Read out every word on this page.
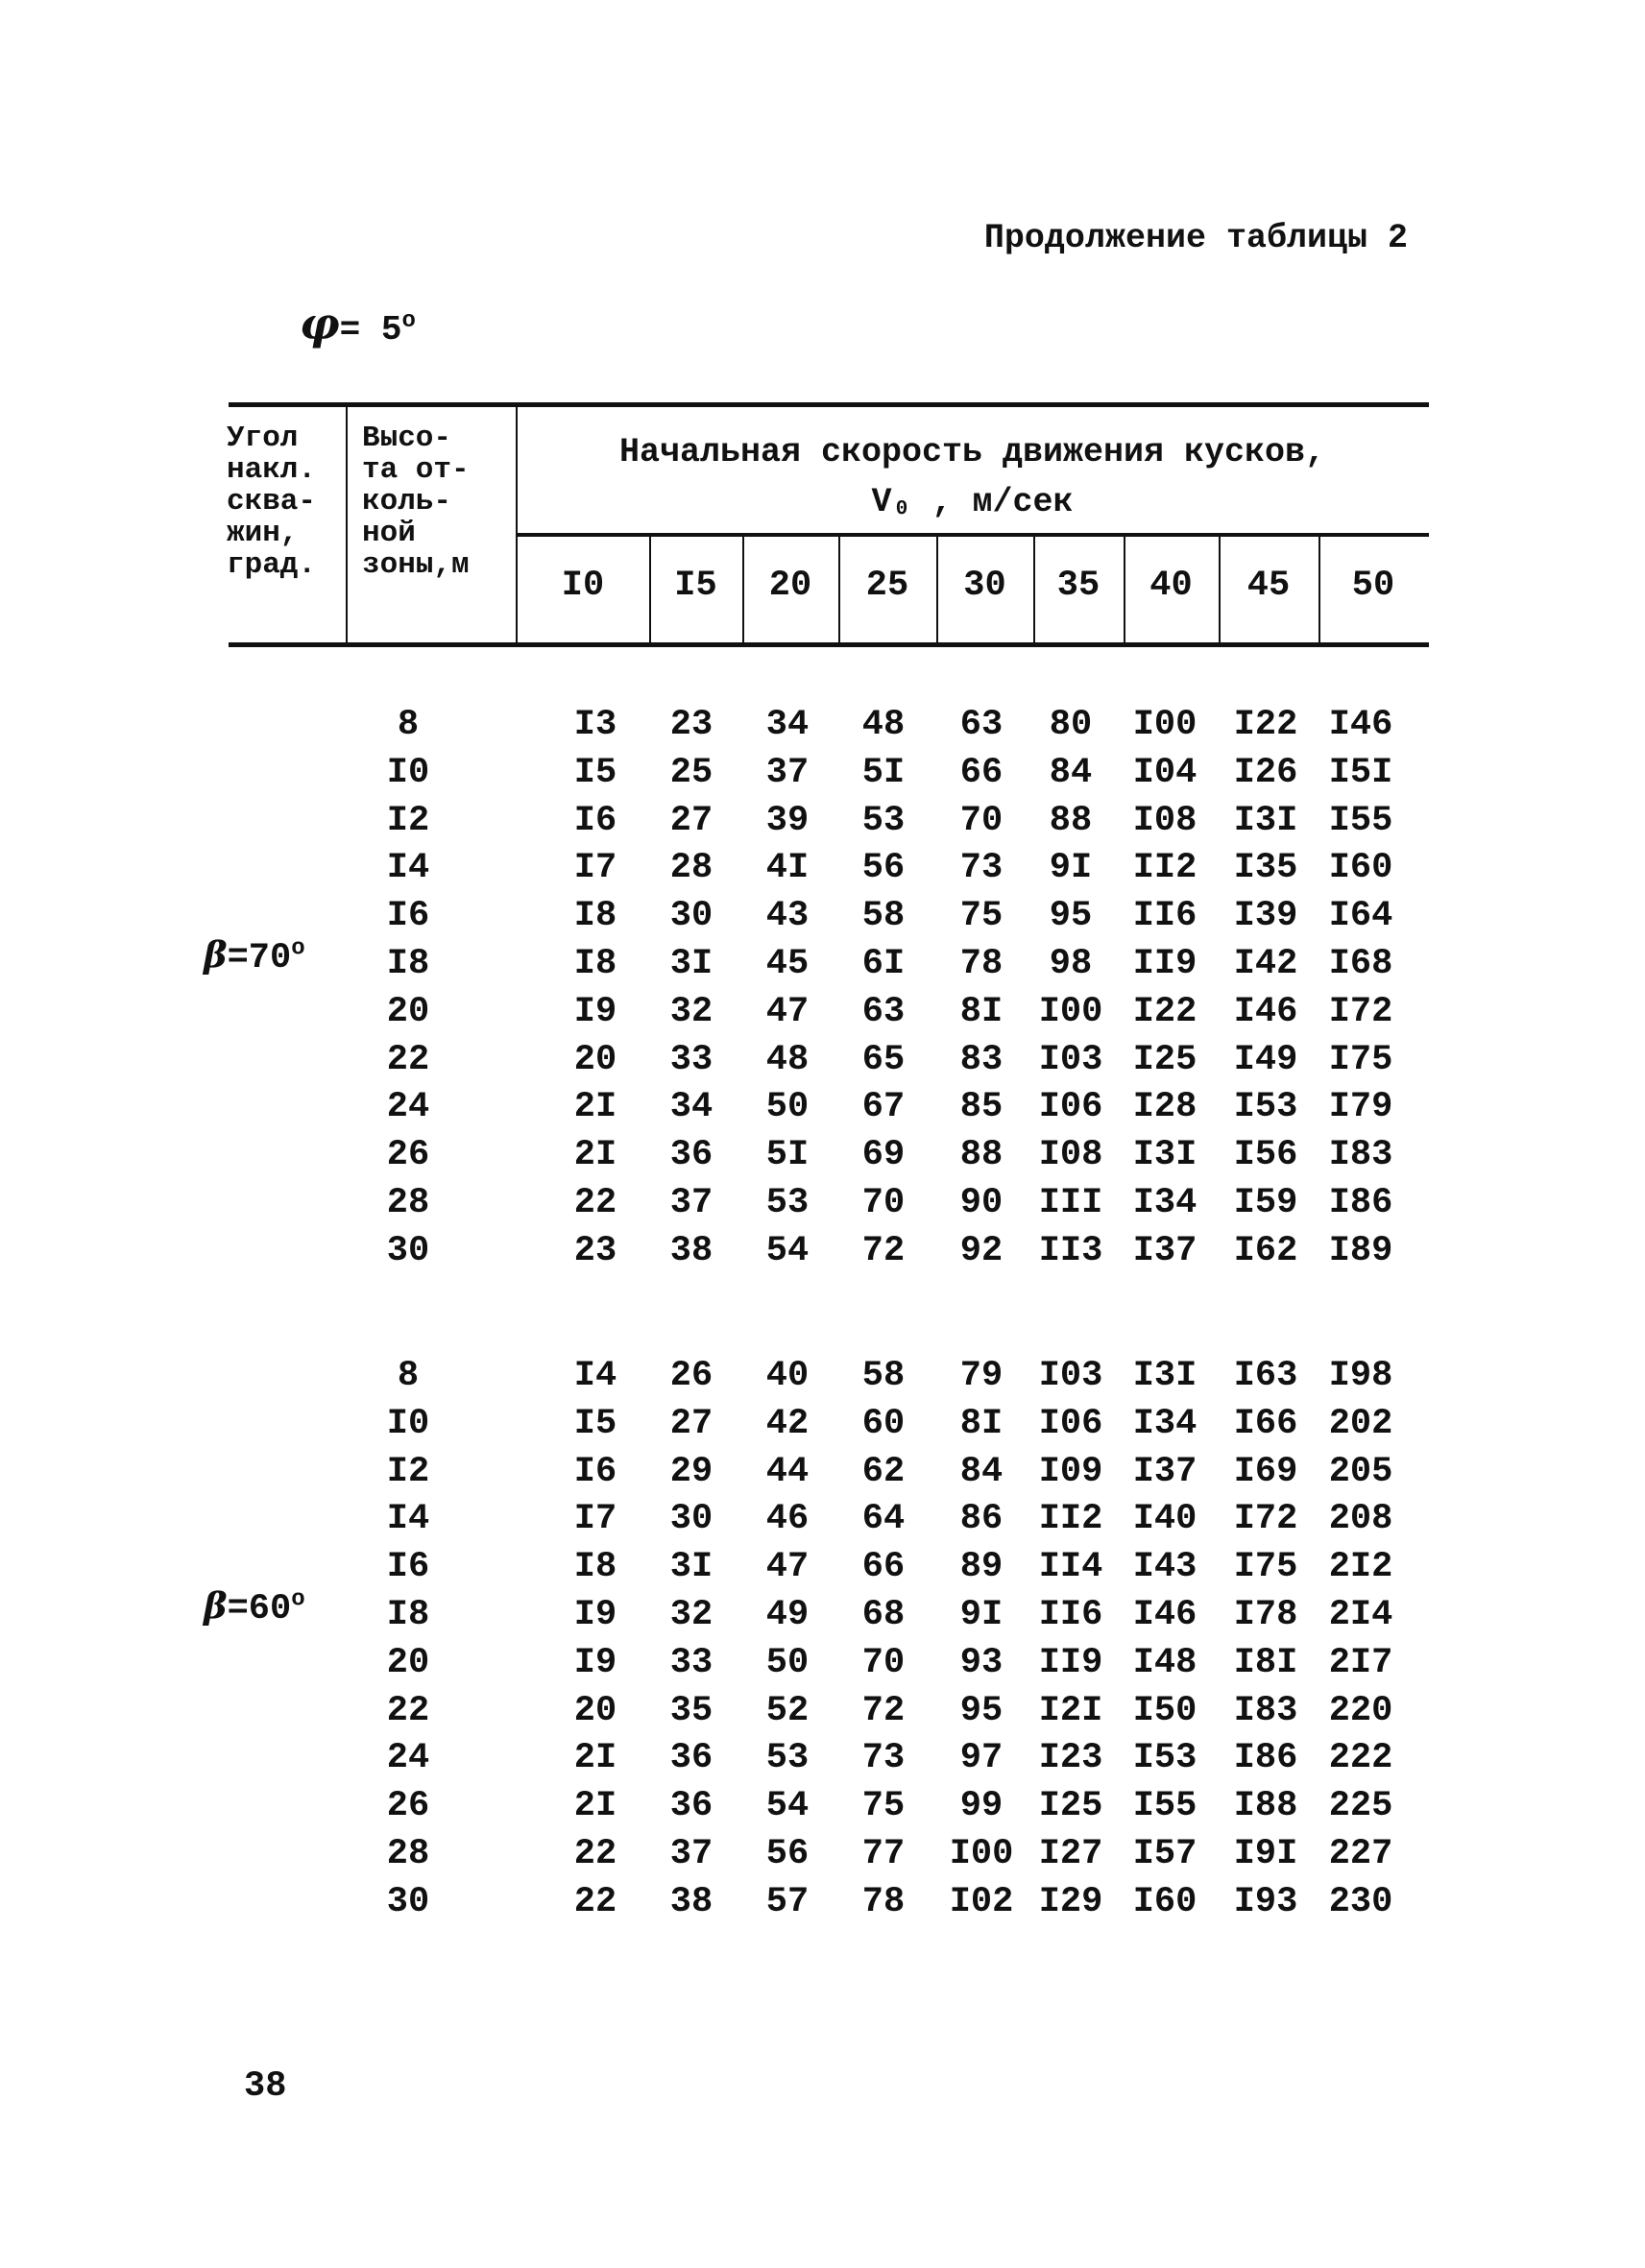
Продолжение таблицы 2
$\varphi= 5^o$
Угол
накл.
сква-
жин,
град.
Высо-
та от-
коль-
ной
зоны,м
Начальная скорость движения кусков,
V₀ , м/сек
I0	I5	20	25	30	35	40	45	50
$\beta=70^o$
8	I3	23	34	48	63	80	I00	I22 I46
I0	I5	25	37	5I	66	84	I04	I26 I5I
I2	I6	27	39	53	70	88	I08	I3I I55
I4	I7	28	4I	56	73	9I	II2	I35 I60
I6	I8	30	43	58	75	95	II6	I39 I64
I8	I8	3I	45	6I	78	98	II9	I42 I68
20	I9	32	47	63	8I	I00 I22	I46 I72
22	20	33	48	65	83	I03 I25	I49 I75
24	2I	34	50	67	85	I06 I28	I53 I79
26	2I	36	5I	69	88	I08 I3I	I56 I83
28	22	37	53	70	90	III I34	I59 I86
30	23	38	54	72	92	II3 I37	I62 I89
$\beta=60^o$
8	I4	26	40	58	79	I03 I3I	I63 I98
I0	I5	27	42	60	8I	I06 I34	I66 202
I2	I6	29	44	62	84	I09 I37	I69 205
I4	I7	30	46	64	86	II2 I40	I72 208
I6	I8	3I	47	66	89	II4 I43	I75 2I2
I8	I9	32	49	68	9I	II6 I46	I78 2I4
20	I9	33	50	70	93	II9 I48	I8I 2I7
22	20	35	52	72	95	I2I I50	I83 220
24	2I	36	53	73	97	I23 I53	I86 222
26	2I	36	54	75	99	I25 I55	I88 225
28	22	37	56	77	I00 I27 I57	I9I 227
30	22	38	57	78	I02 I29 I60	I93 230
38
